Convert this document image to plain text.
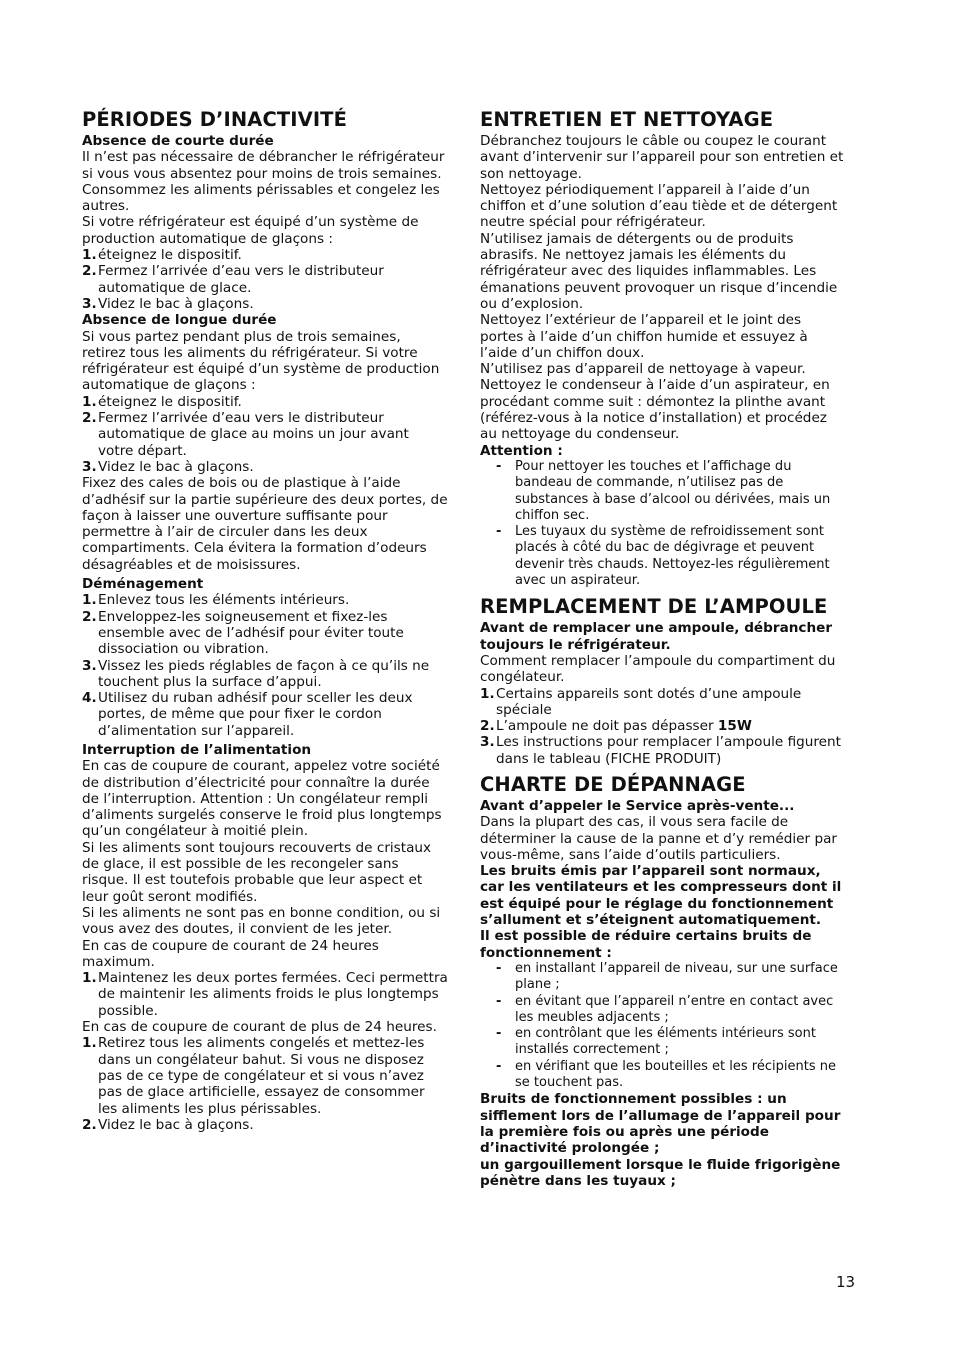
PÉRIODES D’INACTIVITÉ

Absence de courte durée

Il n’est pas nécessaire de débrancher le réfrigérateur si vous vous absentez pour moins de trois semaines.

Consommez les aliments périssables et congelez les autres.

Si votre réfrigérateur est équipé d’un système de production automatique de glaçons :

1. éteignez le dispositif.
2. Fermez l’arrivée d’eau vers le distributeur automatique de glace.
3. Videz le bac à glaçons.

Absence de longue durée

Si vous partez pendant plus de trois semaines, retirez tous les aliments du réfrigérateur. Si votre réfrigérateur est équipé d’un système de production automatique de glaçons :

1. éteignez le dispositif.
2. Fermez l’arrivée d’eau vers le distributeur automatique de glace au moins un jour avant votre départ.
3. Videz le bac à glaçons.

Fixez des cales de bois ou de plastique à l’aide d’adhésif sur la partie supérieure des deux portes, de façon à laisser une ouverture suffisante pour permettre à l’air de circuler dans les deux compartiments. Cela évitera la formation d’odeurs désagréables et de moisissures.

Déménagement

1. Enlevez tous les éléments intérieurs.
2. Enveloppez-les soigneusement et fixez-les ensemble avec de l’adhésif pour éviter toute dissociation ou vibration.
3. Vissez les pieds réglables de façon à ce qu’ils ne touchent plus la surface d’appui.
4. Utilisez du ruban adhésif pour sceller les deux portes, de même que pour fixer le cordon d’alimentation sur l’appareil.

Interruption de l’alimentation

En cas de coupure de courant, appelez votre société de distribution d’électricité pour connaître la durée de l’interruption. Attention : Un congélateur rempli d’aliments surgelés conserve le froid plus longtemps qu’un congélateur à moitié plein.

Si les aliments sont toujours recouverts de cristaux de glace, il est possible de les recongeler sans risque. Il est toutefois probable que leur aspect et leur goût seront modifiés.

Si les aliments ne sont pas en bonne condition, ou si vous avez des doutes, il convient de les jeter.

En cas de coupure de courant de 24 heures maximum.

1. Maintenez les deux portes fermées. Ceci permettra de maintenir les aliments froids le plus longtemps possible.

En cas de coupure de courant de plus de 24 heures.

1. Retirez tous les aliments congelés et mettez-les dans un congélateur bahut. Si vous ne disposez pas de ce type de congélateur et si vous n’avez pas de glace artificielle, essayez de consommer les aliments les plus périssables.
2. Videz le bac à glaçons.
ENTRETIEN ET NETTOYAGE

Débranchez toujours le câble ou coupez le courant avant d’intervenir sur l’appareil pour son entretien et son nettoyage.

Nettoyez périodiquement l’appareil à l’aide d’un chiffon et d’une solution d’eau tiède et de détergent neutre spécial pour réfrigérateur.

N’utilisez jamais de détergents ou de produits abrasifs. Ne nettoyez jamais les éléments du réfrigérateur avec des liquides inflammables. Les émanations peuvent provoquer un risque d’incendie ou d’explosion.

Nettoyez l’extérieur de l’appareil et le joint des portes à l’aide d’un chiffon humide et essuyez à l’aide d’un chiffon doux.

N’utilisez pas d’appareil de nettoyage à vapeur.

Nettoyez le condenseur à l’aide d’un aspirateur, en procédant comme suit : démontez la plinthe avant (référez-vous à la notice d’installation) et procédez au nettoyage du condenseur.

Attention :

- Pour nettoyer les touches et l’affichage du bandeau de commande, n’utilisez pas de substances à base d’alcool ou dérivées, mais un chiffon sec.
- Les tuyaux du système de refroidissement sont placés à côté du bac de dégivrage et peuvent devenir très chauds. Nettoyez-les régulièrement avec un aspirateur.
REMPLACEMENT DE L’AMPOULE

Avant de remplacer une ampoule, débrancher toujours le réfrigérateur.

Comment remplacer l’ampoule du compartiment du congélateur.

1. Certains appareils sont dotés d’une ampoule spéciale
2. L’ampoule ne doit pas dépasser 15W
3. Les instructions pour remplacer l’ampoule figurent dans le tableau (FICHE PRODUIT)
CHARTE DE DÉPANNAGE

Avant d’appeler le Service après-vente...

Dans la plupart des cas, il vous sera facile de déterminer la cause de la panne et d’y remédier par vous-même, sans l’aide d’outils particuliers.

Les bruits émis par l’appareil sont normaux, car les ventilateurs et les compresseurs dont il est équipé pour le réglage du fonctionnement s’allument et s’éteignent automatiquement.

Il est possible de réduire certains bruits de fonctionnement :

- en installant l’appareil de niveau, sur une surface plane ;
- en évitant que l’appareil n’entre en contact avec les meubles adjacents ;
- en contrôlant que les éléments intérieurs sont installés correctement ;
- en vérifiant que les bouteilles et les récipients ne se touchent pas.

Bruits de fonctionnement possibles : un sifflement lors de l’allumage de l’appareil pour la première fois ou après une période d’inactivité prolongée ;

un gargouillement lorsque le fluide frigorigène pénètre dans les tuyaux ;

13
